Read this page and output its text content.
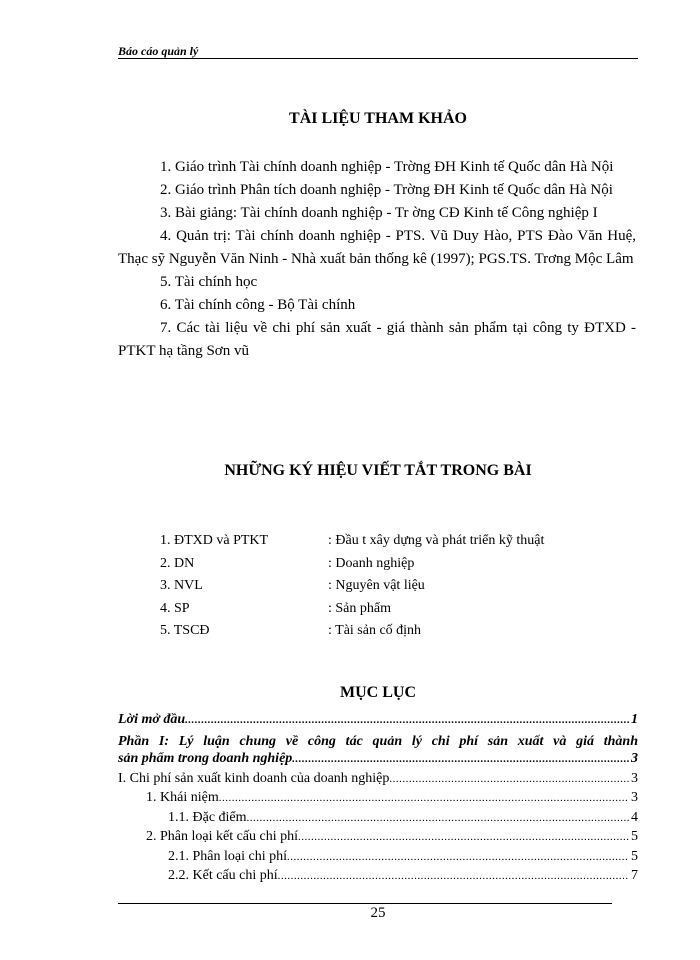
Báo cáo quản lý
TÀI LIỆU THAM KHẢO

1. Giáo trình Tài chính doanh nghiệp - Trờng ĐH Kinh tế Quốc dân Hà Nội

2. Giáo trình Phân tích doanh nghiệp - Trờng ĐH Kinh tế Quốc dân Hà Nội

3. Bài giảng: Tài chính doanh nghiệp - Tr ờng CĐ Kinh tế Công nghiệp I

4. Quản trị: Tài chính doanh nghiệp - PTS. Vũ Duy Hào, PTS Đào Văn Huệ, Thạc sỹ Nguyễn Văn Ninh - Nhà xuất bản thống kê (1997); PGS.TS. Trơng Mộc Lâm

5. Tài chính học

6. Tài chính công - Bộ Tài chính

7. Các tài liệu về chi phí sản xuất - giá thành sản phẩm tại công ty ĐTXD - PTKT hạ tầng Sơn vũ

NHỮNG KÝ HIỆU VIẾT TẮT TRONG BÀI
1. ĐTXD và PTKT	: Đầu t xây dựng và phát triển kỹ thuật
2. DN	: Doanh nghiệp
3. NVL	: Nguyên vật liệu
4. SP	: Sản phẩm
5. TSCĐ	: Tài sản cố định
MỤC LỤC
Lời mở đầu .....	1
Phần I: Lý luận chung về công tác quản lý chi phí sản xuất và giá thành
sản phẩm trong doanh nghiệp .....	3
I. Chi phí sản xuất kinh doanh của doanh nghiệp .....	3
1. Khái niệm .....	3
1.1. Đặc điểm .....	4
2. Phân loại kết cấu chi phí .....	5
2.1. Phân loại chi phí .....	5
2.2. Kết cấu chi phí .....	7
25
